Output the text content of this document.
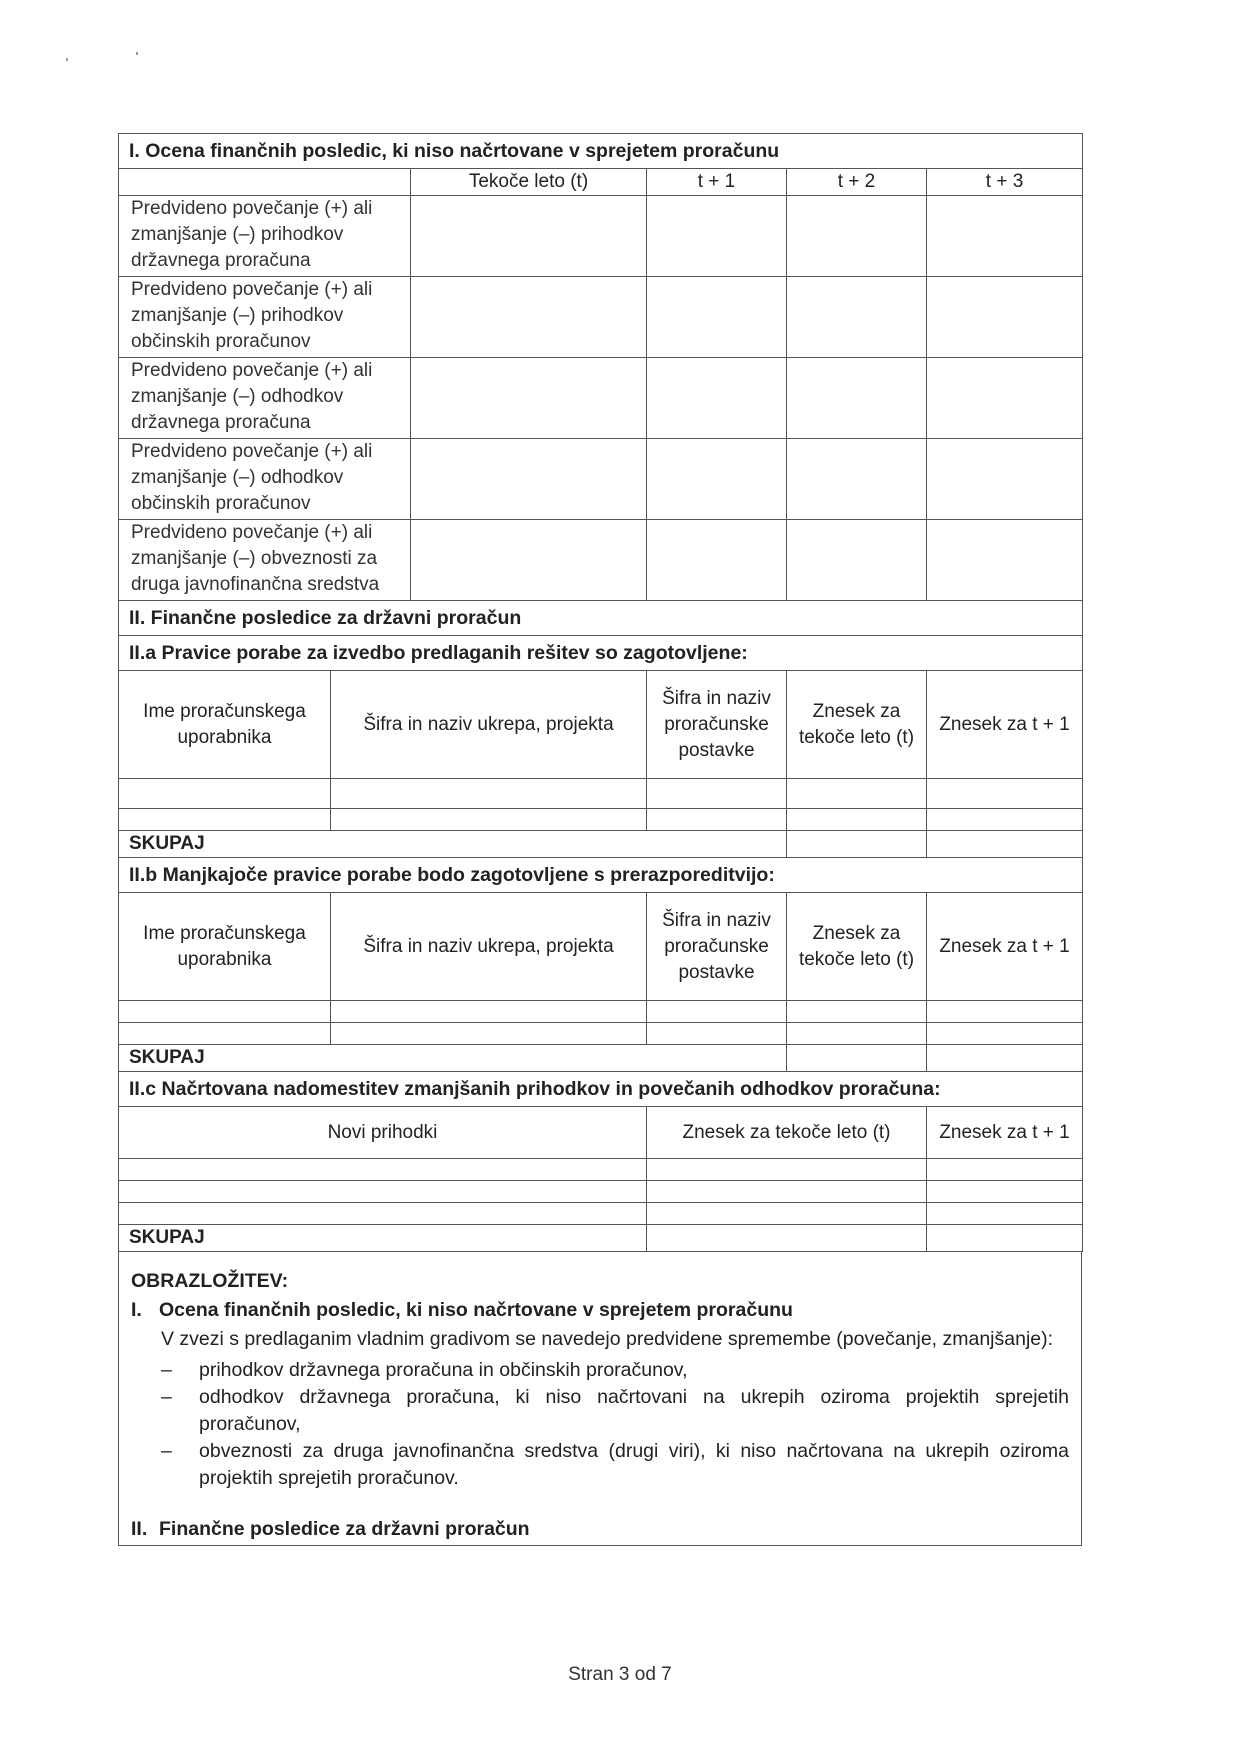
I. Ocena finančnih posledic, ki niso načrtovane v sprejetem proračunu					
		Tekoče leto (t)	t + 1	t + 2	t + 3
Predvideno povečanje (+) ali zmanjšanje (–) prihodkov državnega proračuna					
Predvideno povečanje (+) ali zmanjšanje (–) prihodkov občinskih proračunov					
Predvideno povečanje (+) ali zmanjšanje (–) odhodkov državnega proračuna					
Predvideno povečanje (+) ali zmanjšanje (–) odhodkov občinskih proračunov					
Predvideno povečanje (+) ali zmanjšanje (–) obveznosti za druga javnofinančna sredstva					
II. Finančne posledice za državni proračun					
II.a Pravice porabe za izvedbo predlaganih rešitev so zagotovljene:					
Ime proračunskega uporabnika	Šifra in naziv ukrepa, projekta		Šifra in naziv proračunske postavke	Znesek za tekoče leto (t)	Znesek za t + 1

SKUPAJ					
II.b Manjkajoče pravice porabe bodo zagotovljene s prerazporeditvijo:					
Ime proračunskega uporabnika	Šifra in naziv ukrepa, projekta		Šifra in naziv proračunske postavke	Znesek za tekoče leto (t)	Znesek za t + 1

SKUPAJ					
II.c Načrtovana nadomestitev zmanjšanih prihodkov in povečanih odhodkov proračuna:					
Novi prihodki			Znesek za tekoče leto (t)		Znesek za t + 1

SKUPAJ					
OBRAZLOŽITEV:
I. Ocena finančnih posledic, ki niso načrtovane v sprejetem proračunu
V zvezi s predlaganim vladnim gradivom se navedejo predvidene spremembe (povečanje, zmanjšanje):
– prihodkov državnega proračuna in občinskih proračunov,
– odhodkov državnega proračuna, ki niso načrtovani na ukrepih oziroma projektih sprejetih proračunov,
– obveznosti za druga javnofinančna sredstva (drugi viri), ki niso načrtovana na ukrepih oziroma projektih sprejetih proračunov.
II. Finančne posledice za državni proračun
Stran 3 od 7
